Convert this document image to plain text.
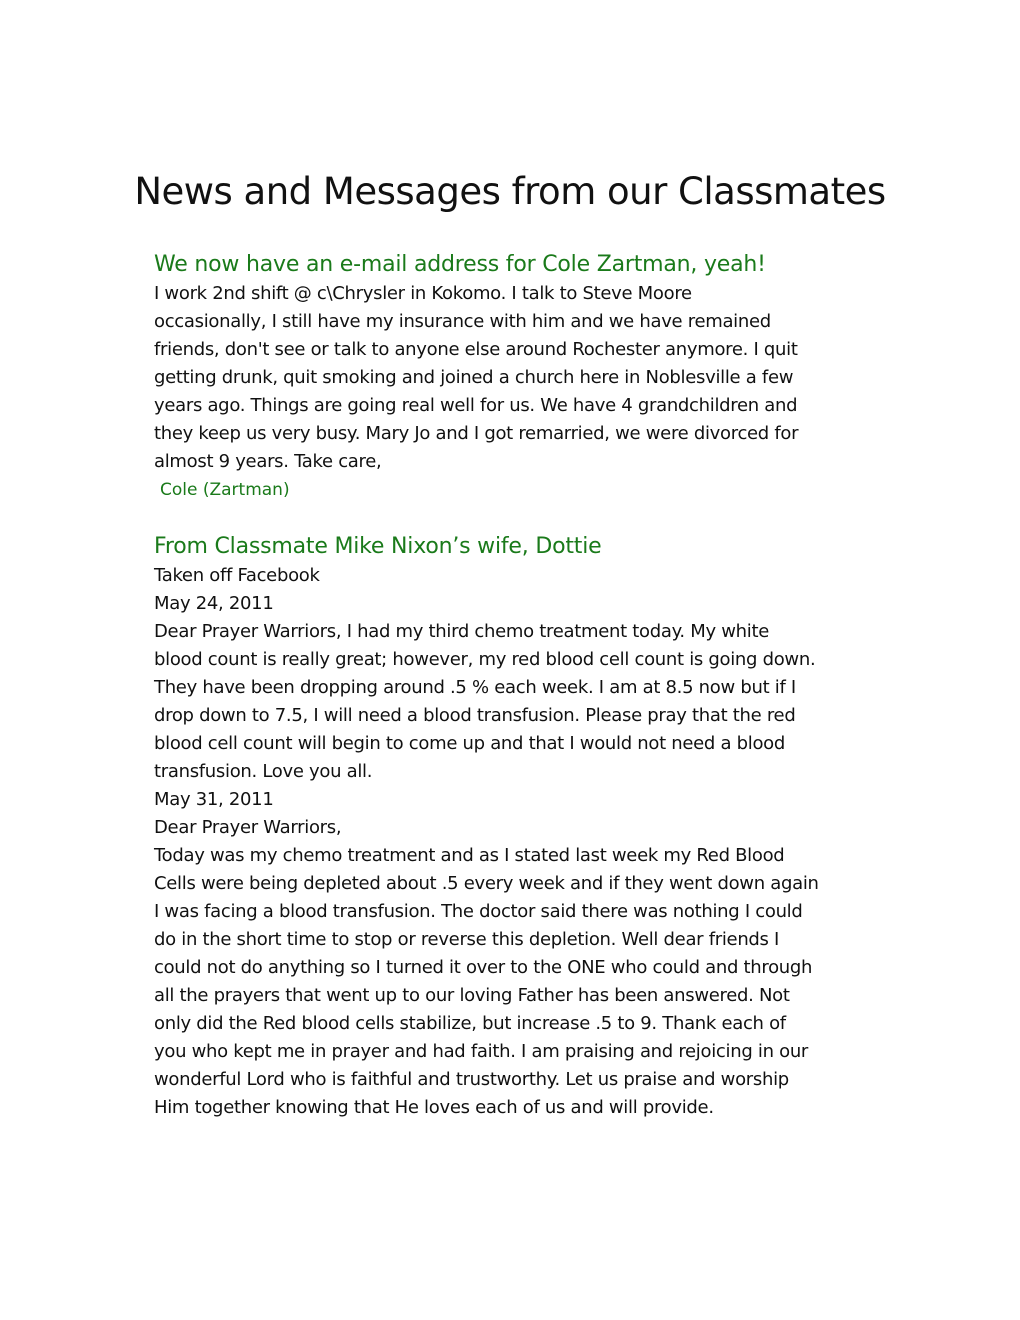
News and Messages from our Classmates
We now have an e-mail address for Cole Zartman, yeah!
I work 2nd shift @ c\Chrysler in Kokomo. I talk to Steve Moore
occasionally, I still have my insurance with him and we have remained
friends, don't see or talk to anyone else around Rochester anymore. I quit
getting drunk, quit smoking and joined a church here in Noblesville a few
years ago. Things are going real well for us. We have 4 grandchildren and
they keep us very busy. Mary Jo and I got remarried, we were divorced for
almost 9 years. Take care,
Cole (Zartman)
From Classmate Mike Nixon’s wife, Dottie
Taken off Facebook
May 24, 2011
Dear Prayer Warriors, I had my third chemo treatment today. My white
blood count is really great; however, my red blood cell count is going down.
They have been dropping around .5 % each week. I am at 8.5 now but if I
drop down to 7.5, I will need a blood transfusion. Please pray that the red
blood cell count will begin to come up and that I would not need a blood
transfusion. Love you all.
May 31, 2011
Dear Prayer Warriors,
Today was my chemo treatment and as I stated last week my Red Blood
Cells were being depleted about .5 every week and if they went down again
I was facing a blood transfusion. The doctor said there was nothing I could
do in the short time to stop or reverse this depletion. Well dear friends I
could not do anything so I turned it over to the ONE who could and through
all the prayers that went up to our loving Father has been answered. Not
only did the Red blood cells stabilize, but increase .5 to 9. Thank each of
you who kept me in prayer and had faith. I am praising and rejoicing in our
wonderful Lord who is faithful and trustworthy. Let us praise and worship
Him together knowing that He loves each of us and will provide.
